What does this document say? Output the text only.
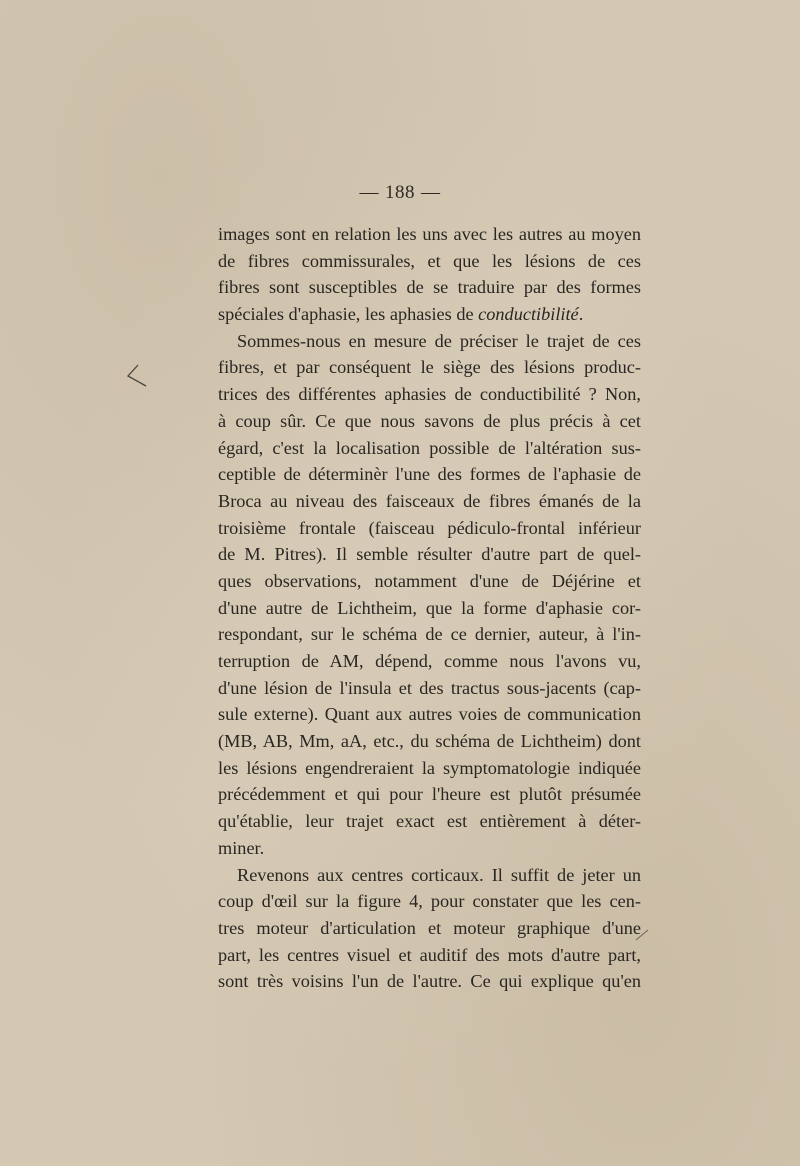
— 188 —
images sont en relation les uns avec les autres au moyen
de fibres commissurales, et que les lésions de ces
fibres sont susceptibles de se traduire par des formes
spéciales d'aphasie, les aphasies de conductibilité.
Sommes-nous en mesure de préciser le trajet de ces
fibres, et par conséquent le siège des lésions produc-
trices des différentes aphasies de conductibilité ? Non,
à coup sûr. Ce que nous savons de plus précis à cet
égard, c'est la localisation possible de l'altération sus-
ceptible de déterminèr l'une des formes de l'aphasie de
Broca au niveau des faisceaux de fibres émanés de la
troisième frontale (faisceau pédiculo-frontal inférieur
de M. Pitres). Il semble résulter d'autre part de quel-
ques observations, notamment d'une de Déjérine et
d'une autre de Lichtheim, que la forme d'aphasie cor-
respondant, sur le schéma de ce dernier, auteur, à l'in-
terruption de AM, dépend, comme nous l'avons vu,
d'une lésion de l'insula et des tractus sous-jacents (cap-
sule externe). Quant aux autres voies de communication
(MB, AB, Mm, aA, etc., du schéma de Lichtheim) dont
les lésions engendreraient la symptomatologie indiquée
précédemment et qui pour l'heure est plutôt présumée
qu'établie, leur trajet exact est entièrement à déter-
miner.
Revenons aux centres corticaux. Il suffit de jeter un
coup d'œil sur la figure 4, pour constater que les cen-
tres moteur d'articulation et moteur graphique d'une
part, les centres visuel et auditif des mots d'autre part,
sont très voisins l'un de l'autre. Ce qui explique qu'en
